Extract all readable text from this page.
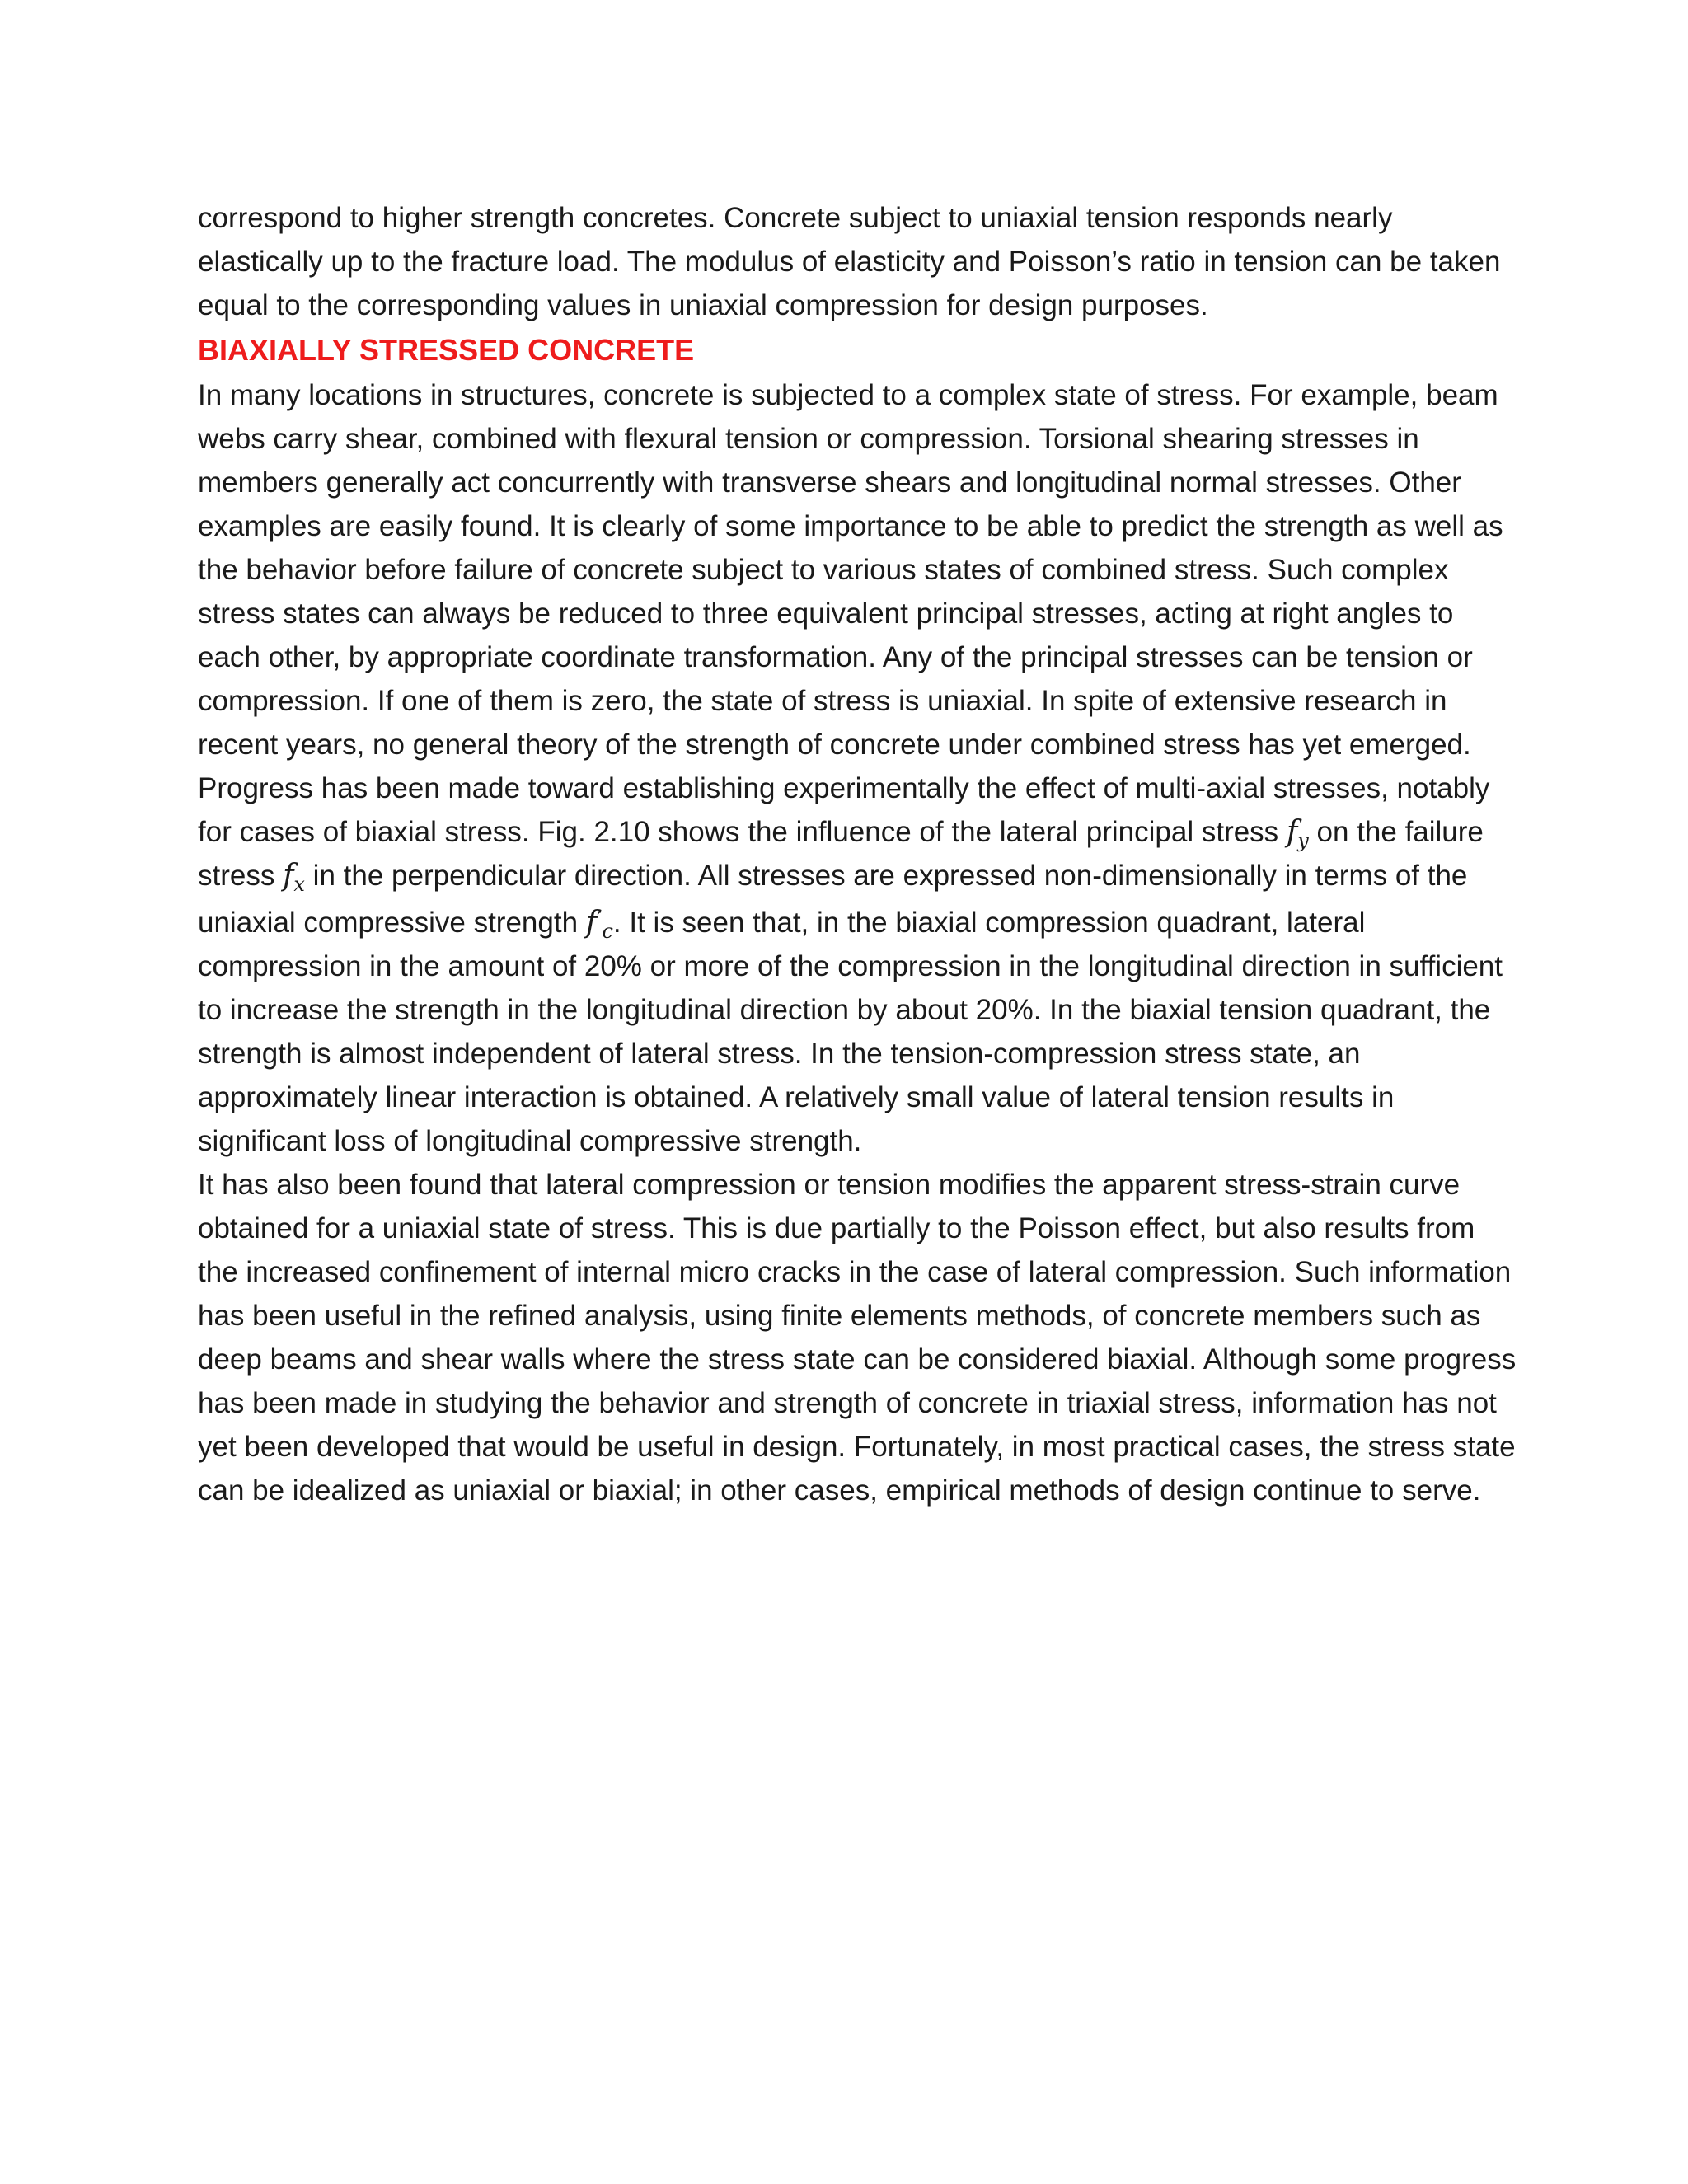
correspond to higher strength concretes. Concrete subject to uniaxial tension responds nearly elastically up to the fracture load. The modulus of elasticity and Poisson’s ratio in tension can be taken equal to the corresponding values in uniaxial compression for design purposes.

BIAXIALLY STRESSED CONCRETE

In many locations in structures, concrete is subjected to a complex state of stress. For example, beam webs carry shear, combined with flexural tension or compression. Torsional shearing stresses in members generally act concurrently with transverse shears and longitudinal normal stresses. Other examples are easily found. It is clearly of some importance to be able to predict the strength as well as the behavior before failure of concrete subject to various states of combined stress. Such complex stress states can always be reduced to three equivalent principal stresses, acting at right angles to each other, by appropriate coordinate transformation. Any of the principal stresses can be tension or compression. If one of them is zero, the state of stress is uniaxial. In spite of extensive research in recent years, no general theory of the strength of concrete under combined stress has yet emerged. Progress has been made toward establishing experimentally the effect of multi-axial stresses, notably for cases of biaxial stress. Fig. 2.10 shows the influence of the lateral principal stress $f_y$ on the failure stress $f_x$ in the perpendicular direction. All stresses are expressed non-dimensionally in terms of the uniaxial compressive strength $f'_c$. It is seen that, in the biaxial compression quadrant, lateral compression in the amount of 20% or more of the compression in the longitudinal direction in sufficient to increase the strength in the longitudinal direction by about 20%. In the biaxial tension quadrant, the strength is almost independent of lateral stress. In the tension-compression stress state, an approximately linear interaction is obtained. A relatively small value of lateral tension results in significant loss of longitudinal compressive strength.

It has also been found that lateral compression or tension modifies the apparent stress-strain curve obtained for a uniaxial state of stress. This is due partially to the Poisson effect, but also results from the increased confinement of internal micro cracks in the case of lateral compression. Such information has been useful in the refined analysis, using finite elements methods, of concrete members such as deep beams and shear walls where the stress state can be considered biaxial. Although some progress has been made in studying the behavior and strength of concrete in triaxial stress, information has not yet been developed that would be useful in design. Fortunately, in most practical cases, the stress state can be idealized as uniaxial or biaxial; in other cases, empirical methods of design continue to serve.
